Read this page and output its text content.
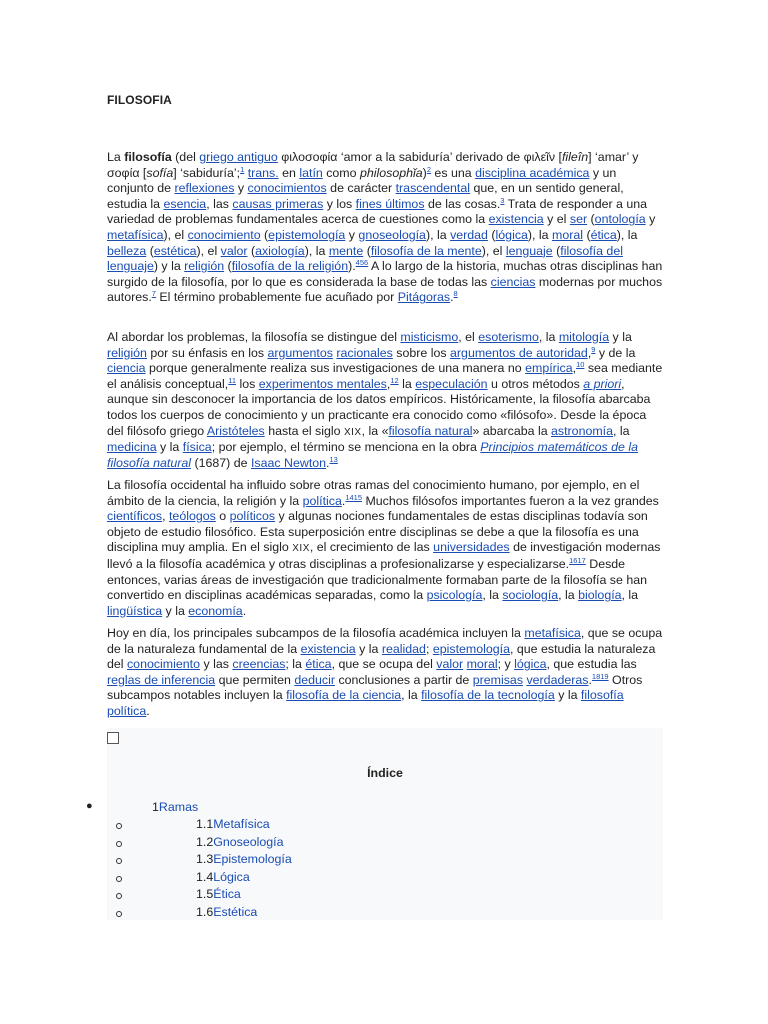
FILOSOFIA

La filosofía (del griego antiguo φιλοσοφία ‘amor a la sabiduría’ derivado de φιλεῖν [fileîn] ‘amar’ y σοφία [sofía] ‘sabiduría’;$^1$ trans. en latín como philosophĭa)$^2$ es una disciplina académica y un conjunto de reflexiones y conocimientos de carácter trascendental que, en un sentido general, estudia la esencia, las causas primeras y los fines últimos de las cosas.$^3$ Trata de responder a una variedad de problemas fundamentales acerca de cuestiones como la existencia y el ser (ontología y metafísica), el conocimiento (epistemología y gnoseología), la verdad (lógica), la moral (ética), la belleza (estética), el valor (axiología), la mente (filosofía de la mente), el lenguaje (filosofía del lenguaje) y la religión (filosofía de la religión).$^{456}$ A lo largo de la historia, muchas otras disciplinas han surgido de la filosofía, por lo que es considerada la base de todas las ciencias modernas por muchos autores.$^7$ El término probablemente fue acuñado por Pitágoras.$^8$

Al abordar los problemas, la filosofía se distingue del misticismo, el esoterismo, la mitología y la religión por su énfasis en los argumentos racionales sobre los argumentos de autoridad,$^9$ y de la ciencia porque generalmente realiza sus investigaciones de una manera no empírica,$^{10}$ sea mediante el análisis conceptual,$^{11}$ los experimentos mentales,$^{12}$ la especulación u otros métodos a priori, aunque sin desconocer la importancia de los datos empíricos. Históricamente, la filosofía abarcaba todos los cuerpos de conocimiento y un practicante era conocido como «filósofo». Desde la época del filósofo griego Aristóteles hasta el siglo XIX, la «filosofía natural» abarcaba la astronomía, la medicina y la física; por ejemplo, el término se menciona en la obra Principios matemáticos de la filosofía natural (1687) de Isaac Newton.$^{13}$

La filosofía occidental ha influido sobre otras ramas del conocimiento humano, por ejemplo, en el ámbito de la ciencia, la religión y la política.$^{1415}$ Muchos filósofos importantes fueron a la vez grandes científicos, teólogos o políticos y algunas nociones fundamentales de estas disciplinas todavía son objeto de estudio filosófico. Esta superposición entre disciplinas se debe a que la filosofía es una disciplina muy amplia. En el siglo XIX, el crecimiento de las universidades de investigación modernas llevó a la filosofía académica y otras disciplinas a profesionalizarse y especializarse.$^{1617}$ Desde entonces, varias áreas de investigación que tradicionalmente formaban parte de la filosofía se han convertido en disciplinas académicas separadas, como la psicología, la sociología, la biología, la lingüística y la economía.

Hoy en día, los principales subcampos de la filosofía académica incluyen la metafísica, que se ocupa de la naturaleza fundamental de la existencia y la realidad; epistemología, que estudia la naturaleza del conocimiento y las creencias; la ética, que se ocupa del valor moral; y lógica, que estudia las reglas de inferencia que permiten deducir conclusiones a partir de premisas verdaderas.$^{1819}$ Otros subcampos notables incluyen la filosofía de la ciencia, la filosofía de la tecnología y la filosofía política.

Índice
●	1Ramas
1.1Metafísica
1.2Gnoseología
1.3Epistemología
1.4Lógica
1.5Ética
1.6Estética
